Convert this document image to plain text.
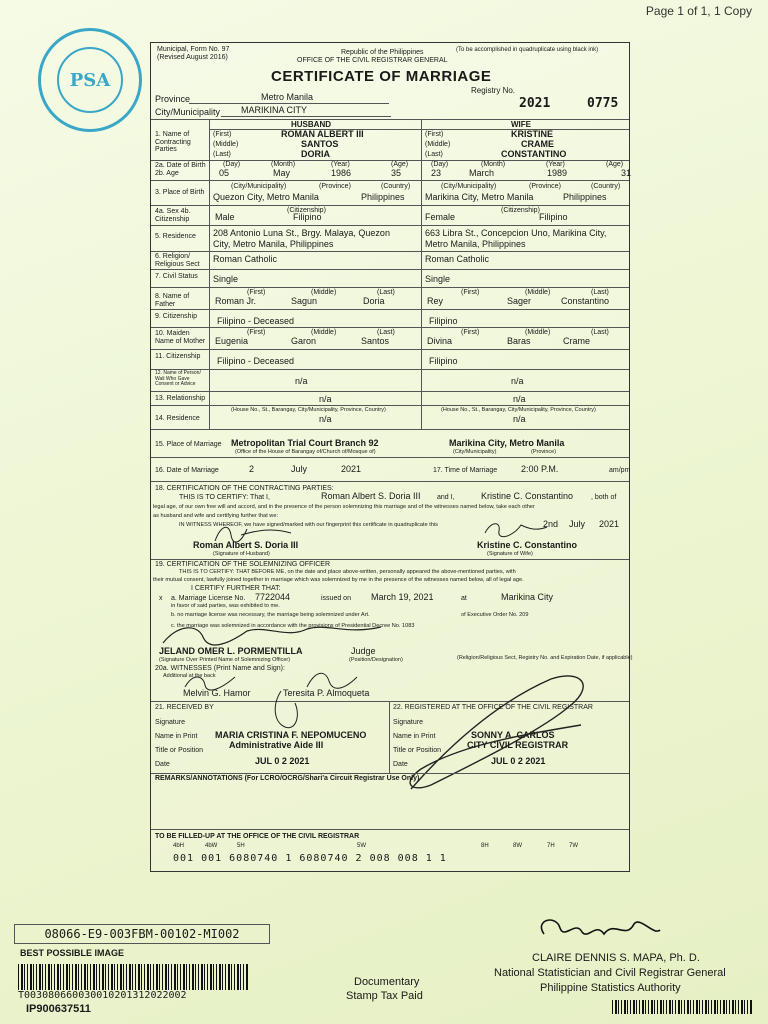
Page 1 of 1, 1 Copy
PSA
Municipal, Form No. 97
(Revised August 2016)
Republic of the Philippines
OFFICE OF THE CIVIL REGISTRAR GENERAL
(To be accomplished in quadruplicate using black ink)
CERTIFICATE OF MARRIAGE
Province	Metro Manila
City/Municipality MARIKINA CITY
Registry No.
2021	0775
HUSBAND	WIFE
1. Name of Contracting Parties
(First)	ROMAN ALBERT III
(Middle)	SANTOS
(Last)	DORIA
(First)	KRISTINE
(Middle)	CRAME
(Last)	CONSTANTINO
2a. Date of Birth 2b. Age
(Day)	(Month)	(Year)	(Age)
05	May	1986	35
(Day)	(Month)	(Year)	(Age)
23	March	1989	31
3. Place of Birth
(City/Municipality)	(Province)	(Country)
Quezon City, Metro Manila	Philippines
(City/Municipality)	(Province)	(Country)
Marikina City, Metro Manila	Philippines
4a. Sex 4b. Citizenship	Male
(Citizenship)
Filipino	Female
(Citizenship)
Filipino
5. Residence 208 Antonio Luna St., Brgy. Malaya, Quezon
City, Metro Manila, Philippines
663 Libra St., Concepcion Uno, Marikina City,
Metro Manila, Philippines
6. Religion/ Religious Sect
Roman Catholic	Roman Catholic
7. Civil Status Single	Single
8. Name of Father
(First)	(Middle)	(Last)
Roman Jr.	Sagun	Doria
(First)	(Middle)	(Last)
Rey	Sager	Constantino
9. Citizenship Filipino - Deceased	Filipino
10. Maiden Name of Mother
(First)	(Middle)	(Last)
Eugenia	Garon	Santos
(First)	(Middle)	(Last)
Divina	Baras	Crame
11. Citizenship Filipino - Deceased	Filipino
12. Name of Person/ Wali Who Gave Consent or Advice	n/a	n/a
13. Relationship	n/a	n/a
14. Residence
(House No., St., Barangay, City/Municipality, Province, Country)
n/a
(House No., St., Barangay, City/Municipality, Province, Country)
n/a
15. Place of Marriage Metropolitan Trial Court Branch 92	Marikina City, Metro Manila
(Office of the House of Barangay of/Church of/Mosque of)	(City/Municipality)	(Province)
16. Date of Marriage	2	July	2021	17. Time of Marriage	2:00 P.M.	am/pm
18. CERTIFICATION OF THE CONTRACTING PARTIES:
THIS IS TO CERTIFY: That I,	Roman Albert S. Doria III and I,	Kristine C. Constantino	, both of
legal age, of our own free will and accord, and in the presence of the person solemnizing this marriage and of the witnesses named below, take each other
as husband and wife and certifying further that we:
IN WITNESS WHEREOF, we have signed/marked with our fingerprint this certificate in quadruplicate this	2nd July 2021
Roman Albert S. Doria III	Kristine C. Constantino
(Signature of Husband)	(Signature of Wife)
19. CERTIFICATION OF THE SOLEMNIZING OFFICER
THIS IS TO CERTIFY: THAT BEFORE ME, on the date and place above-written, personally appeared the above-mentioned parties, with
their mutual consent, lawfully joined together in marriage which was solemnized by me in the presence of the witnesses named below, all of legal age.
I CERTIFY FURTHER THAT:
x a. Marriage License No. 7722044	issued on March 19, 2021	at	Marikina City
in favor of said parties, was exhibited to me.
b. no marriage license was necessary, the marriage being solemnized under Art.	of Executive Order No. 209
c. the marriage was solemnized in accordance with the provisions of Presidential Decree No. 1083
JELAND OMER L. PORMENTILLA
(Signature Over Printed Name of Solemnizing Officer)
Judge
(Position/Designation)	(Religion/Religious Sect, Registry No. and Expiration Date, if applicable)
20a. WITNESSES (Print Name and Sign):
Additional at the back
Melvin G. Hamor	Teresita P. Almoqueta
21. RECEIVED BY
Signature
Name in Print MARIA CRISTINA F. NEPOMUCENO
Administrative Aide III
Title or Position
Date	JUL 0 2 2021
22. REGISTERED AT THE OFFICE OF THE CIVIL REGISTRAR
Signature
Name in Print	SONNY A. CARLOS
CITY CIVIL REGISTRAR
Title or Position
Date	JUL 0 2 2021
REMARKS/ANNOTATIONS (For LCRO/OCRG/Shari'a Circuit Registrar Use Only)
TO BE FILLED-UP AT THE OFFICE OF THE CIVIL REGISTRAR
4bH	4bW	5H	5W	8H	8W	7H 7W
001 001 6080740 1 6080740 2 008 008 1 1
08066-E9-003FBM-00102-MI002
BEST POSSIBLE IMAGE
T003080660030010201312022002
IP900637511
Documentary
Stamp Tax Paid
CLAIRE DENNIS S. MAPA, Ph. D.
National Statistician and Civil Registrar General
Philippine Statistics Authority
